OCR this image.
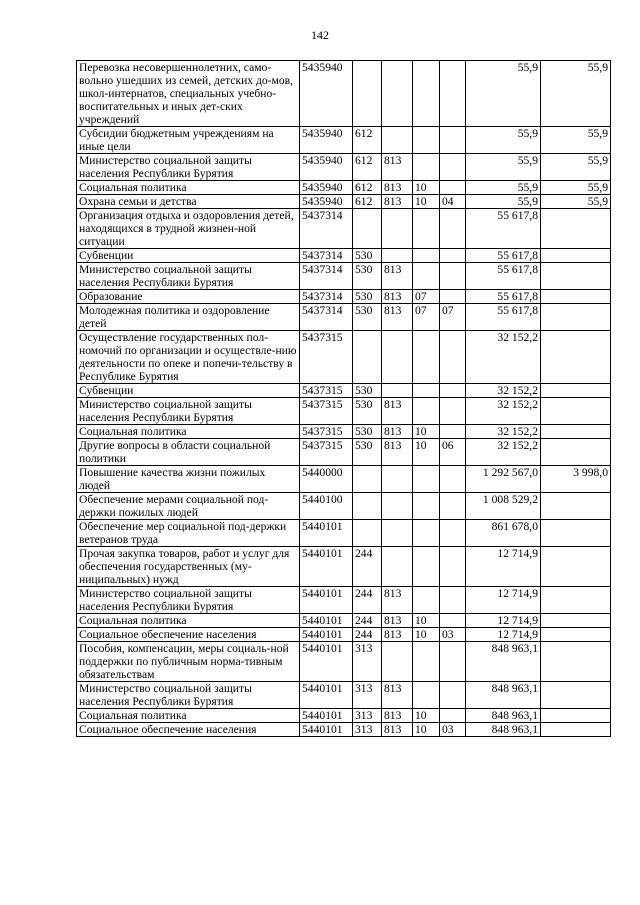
142
Перевозка несовершеннолетних, само-вольно ушедших из семей, детских до-мов, школ-интернатов, специальных учебно-воспитательных и иных дет-ских учреждений	5435940					55,9	55,9
Субсидии бюджетным учреждениям на иные цели	5435940	612				55,9	55,9
Министерство социальной защиты населения Республики Бурятия	5435940	612	813			55,9	55,9
Социальная политика	5435940	612	813	10		55,9	55,9
Охрана семьи и детства	5435940	612	813	10	04	55,9	55,9
Организация отдыха и оздоровления детей, находящихся в трудной жизнен-ной ситуации	5437314					55 617,8	
Субвенции	5437314	530				55 617,8	
Министерство социальной защиты населения Республики Бурятия	5437314	530	813			55 617,8	
Образование	5437314	530	813	07		55 617,8	
Молодежная политика и оздоровление детей	5437314	530	813	07	07	55 617,8	
Осуществление государственных пол-номочий по организации и осуществле-нию деятельности по опеке и попечи-тельству в Республике Бурятия	5437315					32 152,2	
Субвенции	5437315	530				32 152,2	
Министерство социальной защиты населения Республики Бурятия	5437315	530	813			32 152,2	
Социальная политика	5437315	530	813	10		32 152,2	
Другие вопросы в области социальной политики	5437315	530	813	10	06	32 152,2	
Повышение качества жизни пожилых людей	5440000					1 292 567,0	3 998,0
Обеспечение мерами социальной под-держки пожилых людей	5440100					1 008 529,2	
Обеспечение мер социальной под-держки ветеранов труда	5440101					861 678,0	
Прочая закупка товаров, работ и услуг для обеспечения государственных (му-ниципальных) нужд	5440101	244				12 714,9	
Министерство социальной защиты населения Республики Бурятия	5440101	244	813			12 714,9	
Социальная политика	5440101	244	813	10		12 714,9	
Социальное обеспечение населения	5440101	244	813	10	03	12 714,9	
Пособия, компенсации, меры социаль-ной поддержки по публичным норма-тивным обязательствам	5440101	313				848 963,1	
Министерство социальной защиты населения Республики Бурятия	5440101	313	813			848 963,1	
Социальная политика	5440101	313	813	10		848 963,1	
Социальное обеспечение населения	5440101	313	813	10	03	848 963,1	
